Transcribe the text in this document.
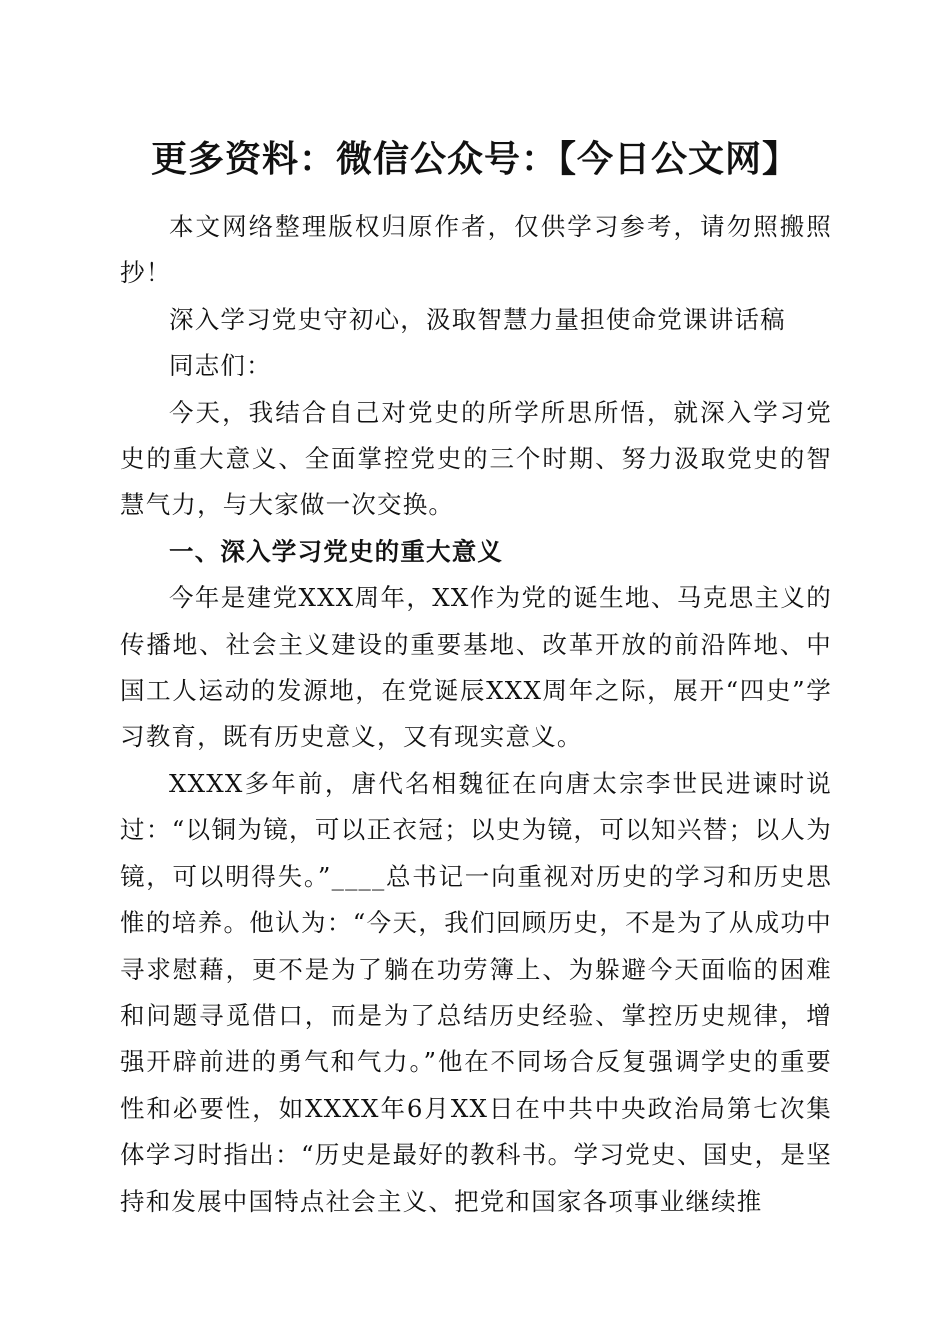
更多资料：微信公众号：【今日公文网】

本文网络整理版权归原作者，仅供学习参考，请勿照搬照抄！

深入学习党史守初心，汲取智慧力量担使命党课讲话稿

同志们：

今天，我结合自己对党史的所学所思所悟，就深入学习党史的重大意义、全面掌控党史的三个时期、努力汲取党史的智慧气力，与大家做一次交换。

一、深入学习党史的重大意义

今年是建党XXX周年，XX作为党的诞生地、马克思主义的传播地、社会主义建设的重要基地、改革开放的前沿阵地、中国工人运动的发源地，在党诞辰XXX周年之际，展开“四史”学习教育，既有历史意义，又有现实意义。

XXXX多年前，唐代名相魏征在向唐太宗李世民进谏时说过：“以铜为镜，可以正衣冠；以史为镜，可以知兴替；以人为镜，可以明得失。”____总书记一向重视对历史的学习和历史思惟的培养。他认为：“今天，我们回顾历史，不是为了从成功中寻求慰藉，更不是为了躺在功劳簿上、为躲避今天面临的困难和问题寻觅借口，而是为了总结历史经验、掌控历史规律，增强开辟前进的勇气和气力。”他在不同场合反复强调学史的重要性和必要性，如XXXX年6月XX日在中共中央政治局第七次集体学习时指出：“历史是最好的教科书。学习党史、国史，是坚持和发展中国特点社会主义、把党和国家各项事业继续推
